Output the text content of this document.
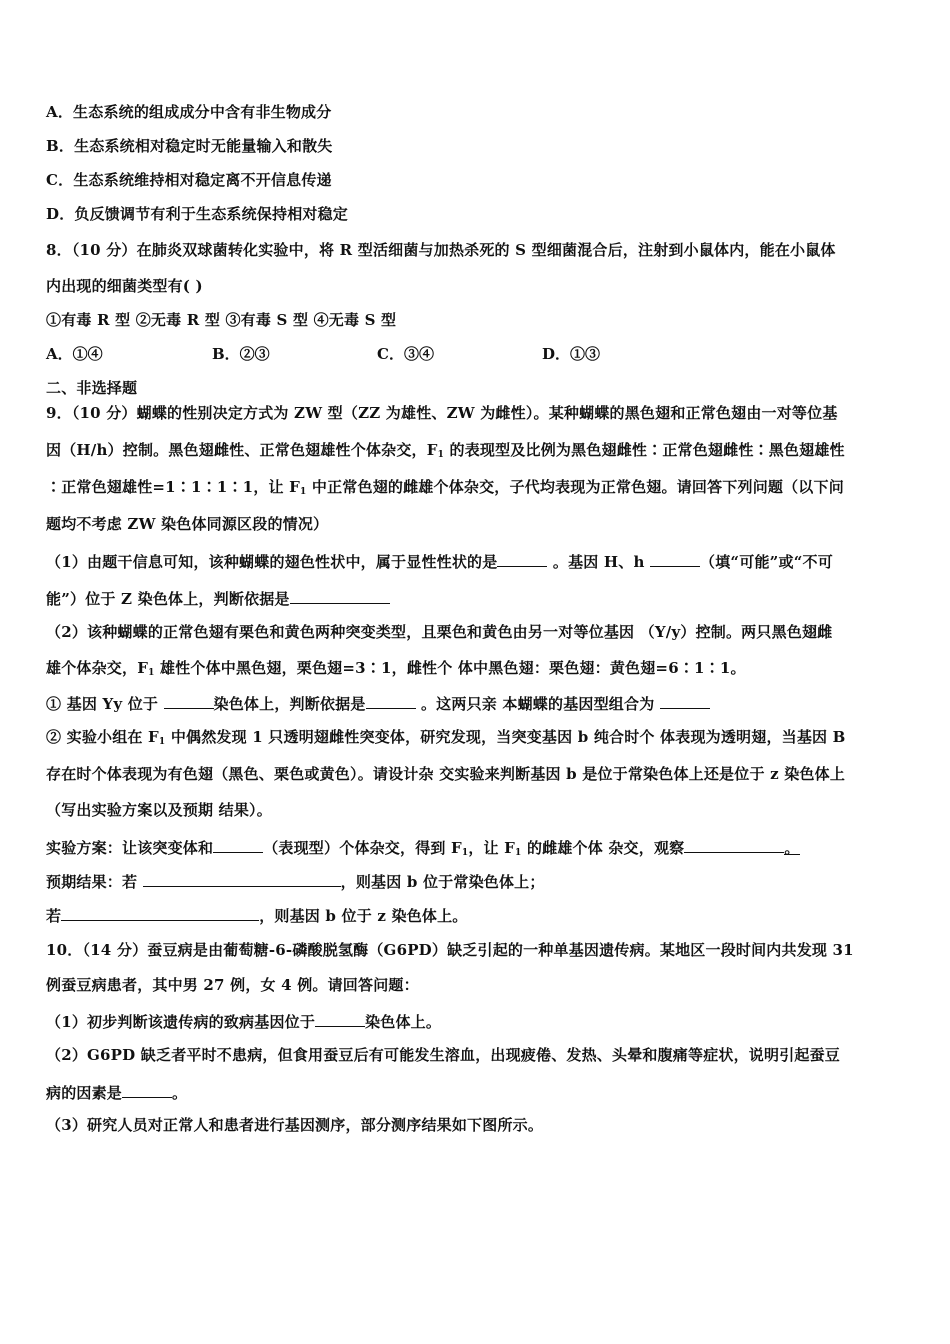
A．生态系统的组成成分中含有非生物成分
B．生态系统相对稳定时无能量输入和散失
C．生态系统维持相对稳定离不开信息传递
D．负反馈调节有利于生态系统保持相对稳定
8．（10 分）在肺炎双球菌转化实验中，将 R 型活细菌与加热杀死的 S 型细菌混合后，注射到小鼠体内，能在小鼠体
内出现的细菌类型有( )
①有毒 R 型 ②无毒 R 型 ③有毒 S 型 ④无毒 S 型
A．①④	B．②③	C．③④	D．①③
二、非选择题
9．（10 分）蝴蝶的性别决定方式为 ZW 型（ZZ 为雄性、ZW 为雌性）。某种蝴蝶的黑色翅和正常色翅由一对等位基
因（H/h）控制。黑色翅雌性、正常色翅雄性个体杂交，$F_1$ 的表现型及比例为黑色翅雌性∶正常色翅雌性∶黑色翅雄性
∶正常色翅雄性=1∶1∶1∶1，让 $F_1$ 中正常色翅的雌雄个体杂交，子代均表现为正常色翅。请回答下列问题（以下问
题均不考虑 ZW 染色体同源区段的情况）
（1）由题干信息可知，该种蝴蝶的翅色性状中，属于显性性状的是	。基因 H、h	（填“可能”或“不可
能”）位于 Z 染色体上，判断依据是
（2）该种蝴蝶的正常色翅有栗色和黄色两种突变类型，且栗色和黄色由另一对等位基因 （Y/y）控制。两只黑色翅雌
雄个体杂交，$F_1$ 雄性个体中黑色翅，栗色翅=3∶1，雌性个 体中黑色翅：栗色翅：黄色翅=6∶1∶1。
① 基因 Yy 位于	染色体上，判断依据是	。这两只亲 本蝴蝶的基因型组合为
② 实验小组在 $F_1$ 中偶然发现 1 只透明翅雌性突变体，研究发现，当突变基因 b 纯合时个 体表现为透明翅，当基因 B
存在时个体表现为有色翅（黑色、栗色或黄色）。请设计杂 交实验来判断基因 b 是位于常染色体上还是位于 z 染色体上
（写出实验方案以及预期 结果）。
实验方案：让该突变体和	（表现型）个体杂交，得到 $F_1$，让 $F_1$ 的雌雄个体 杂交，观察	。
预期结果：若	，则基因 b 位于常染色体上；
若	，则基因 b 位于 z 染色体上。
10．（14 分）蚕豆病是由葡萄糖-6-磷酸脱氢酶（G6PD）缺乏引起的一种单基因遗传病。某地区一段时间内共发现 31
例蚕豆病患者，其中男 27 例，女 4 例。请回答问题：
（1）初步判断该遗传病的致病基因位于	染色体上。
（2）G6PD 缺乏者平时不患病，但食用蚕豆后有可能发生溶血，出现疲倦、发热、头晕和腹痛等症状，说明引起蚕豆
病的因素是	。
（3）研究人员对正常人和患者进行基因测序，部分测序结果如下图所示。
